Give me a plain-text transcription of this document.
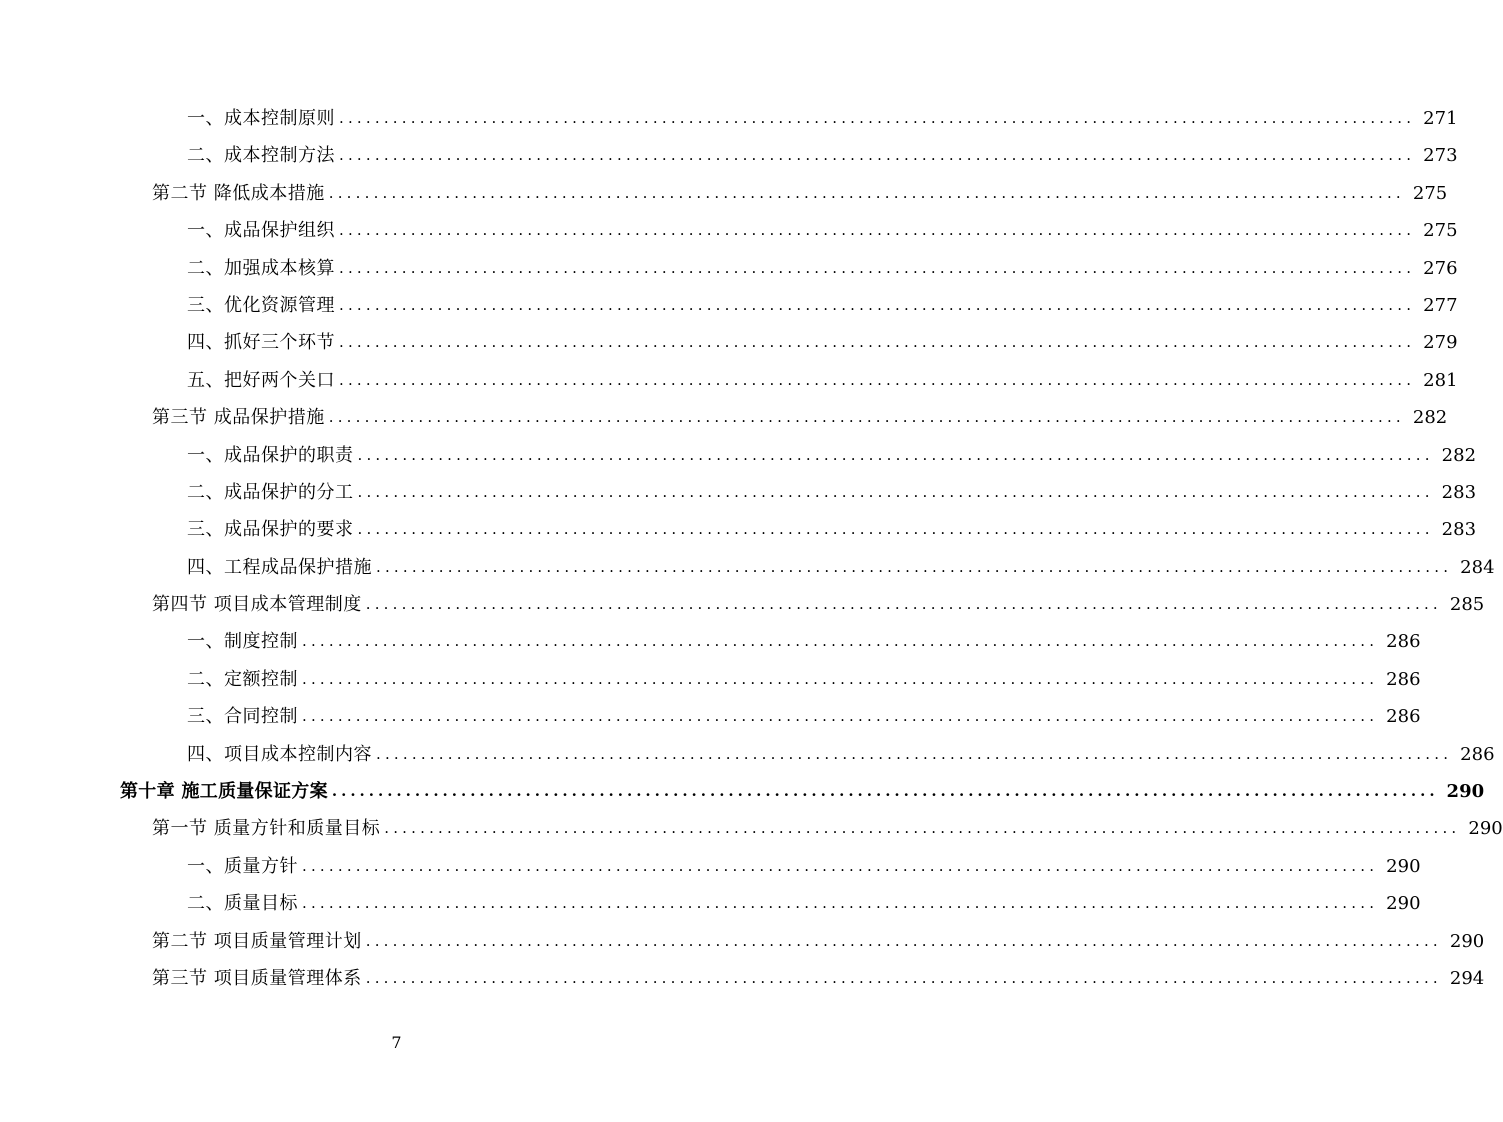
一、成本控制原则 ........................................................................................................................ 271
二、成本控制方法 ........................................................................................................................ 273
第二节 降低成本措施 ........................................................................................................................ 275
一、成品保护组织 ........................................................................................................................ 275
二、加强成本核算 ........................................................................................................................ 276
三、优化资源管理 ........................................................................................................................ 277
四、抓好三个环节 ........................................................................................................................ 279
五、把好两个关口 ........................................................................................................................ 281
第三节 成品保护措施 ........................................................................................................................ 282
一、成品保护的职责 ........................................................................................................................ 282
二、成品保护的分工 ........................................................................................................................ 283
三、成品保护的要求 ........................................................................................................................ 283
四、工程成品保护措施 ........................................................................................................................ 284
第四节 项目成本管理制度 ........................................................................................................................ 285
一、制度控制 ........................................................................................................................ 286
二、定额控制 ........................................................................................................................ 286
三、合同控制 ........................................................................................................................ 286
四、项目成本控制内容 ........................................................................................................................ 286
第十章 施工质量保证方案 ........................................................................................................................ 290
第一节 质量方针和质量目标 ........................................................................................................................ 290
一、质量方针 ........................................................................................................................ 290
二、质量目标 ........................................................................................................................ 290
第二节 项目质量管理计划 ........................................................................................................................ 290
第三节 项目质量管理体系 ........................................................................................................................ 294
7
